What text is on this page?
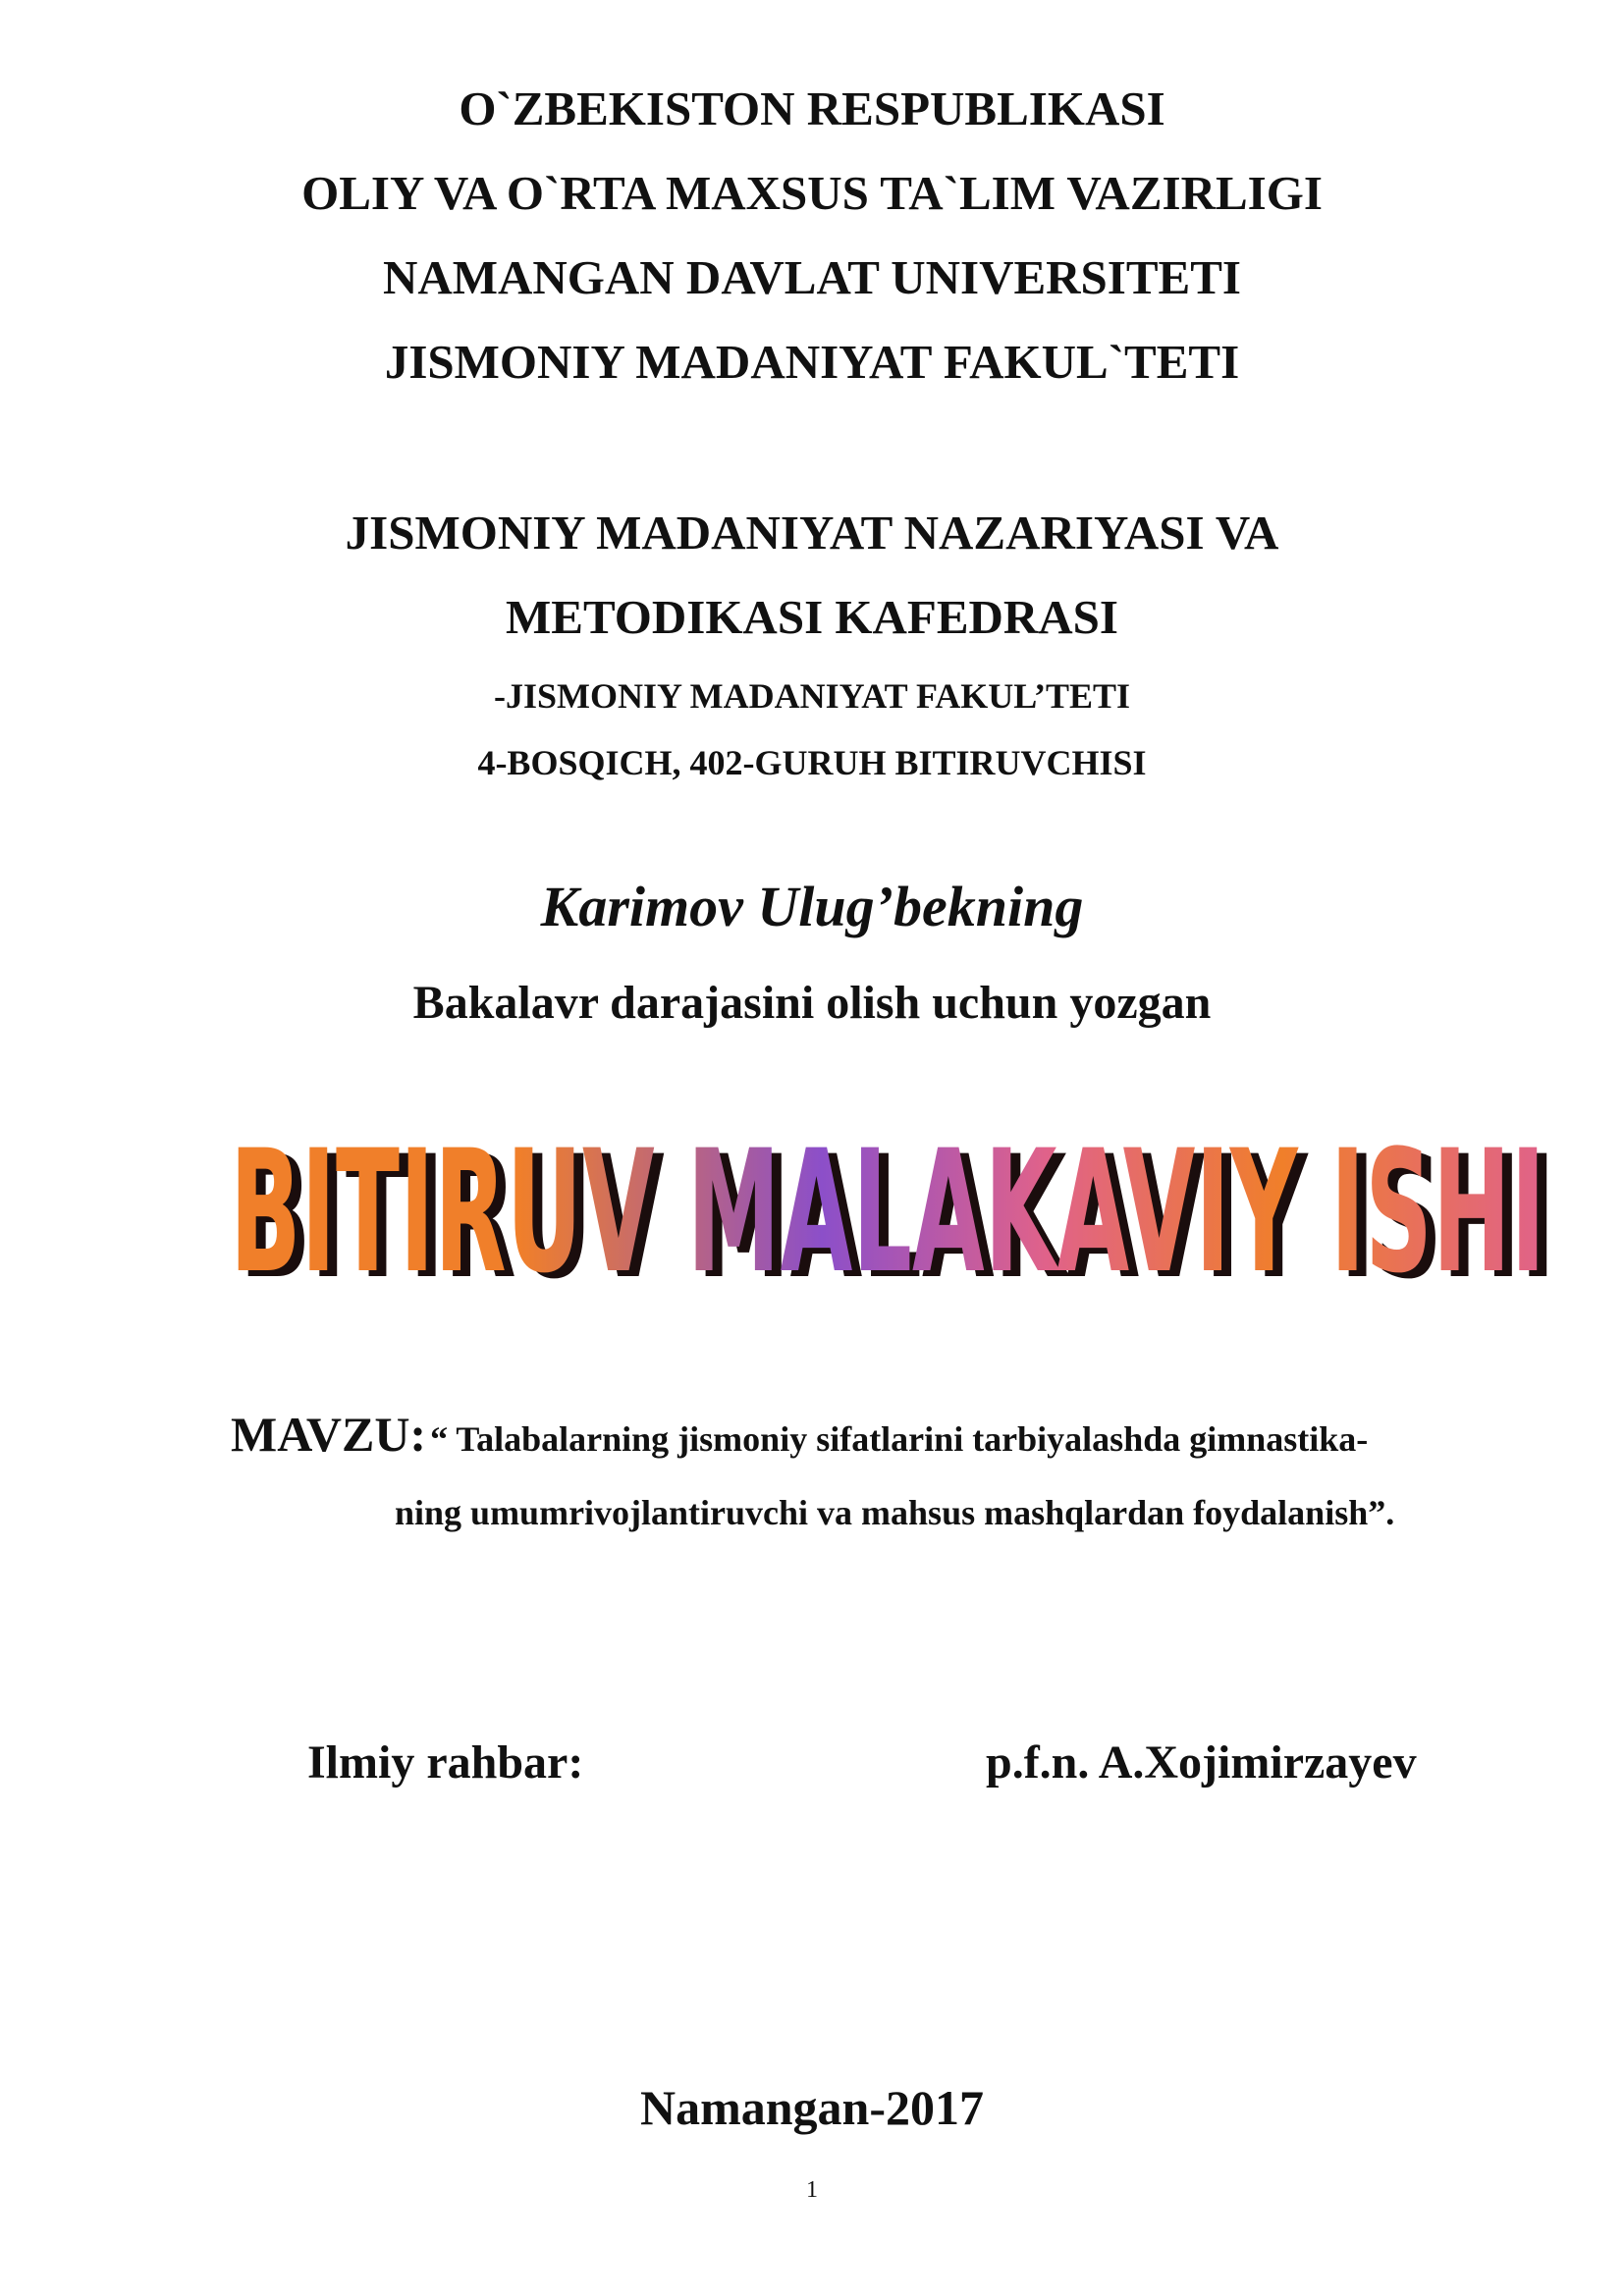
O`ZBEKISTON RESPUBLIKASI
OLIY VA O`RTA MAXSUS TA`LIM VAZIRLIGI
NAMANGAN DAVLAT UNIVERSITETI
JISMONIY MADANIYAT FAKUL`TETI
JISMONIY MADANIYAT NAZARIYASI VA
METODIKASI KAFEDRASI
-JISMONIY MADANIYAT FAKUL’TETI
4-BOSQICH, 402-GURUH BITIRUVCHISI
Karimov Ulug’bekning
Bakalavr darajasini olish uchun yozgan
BITIRUV MALAKAVIY ISHI
BITIRUV MALAKAVIY ISHI
MAVZU: “ Talabalarning jismoniy sifatlarini tarbiyalashda gimnastika-
ning umumrivojlantiruvchi va mahsus mashqlardan foydalanish”.
Ilmiy rahbar:	p.f.n. A.Xojimirzayev
Namangan-2017
1
